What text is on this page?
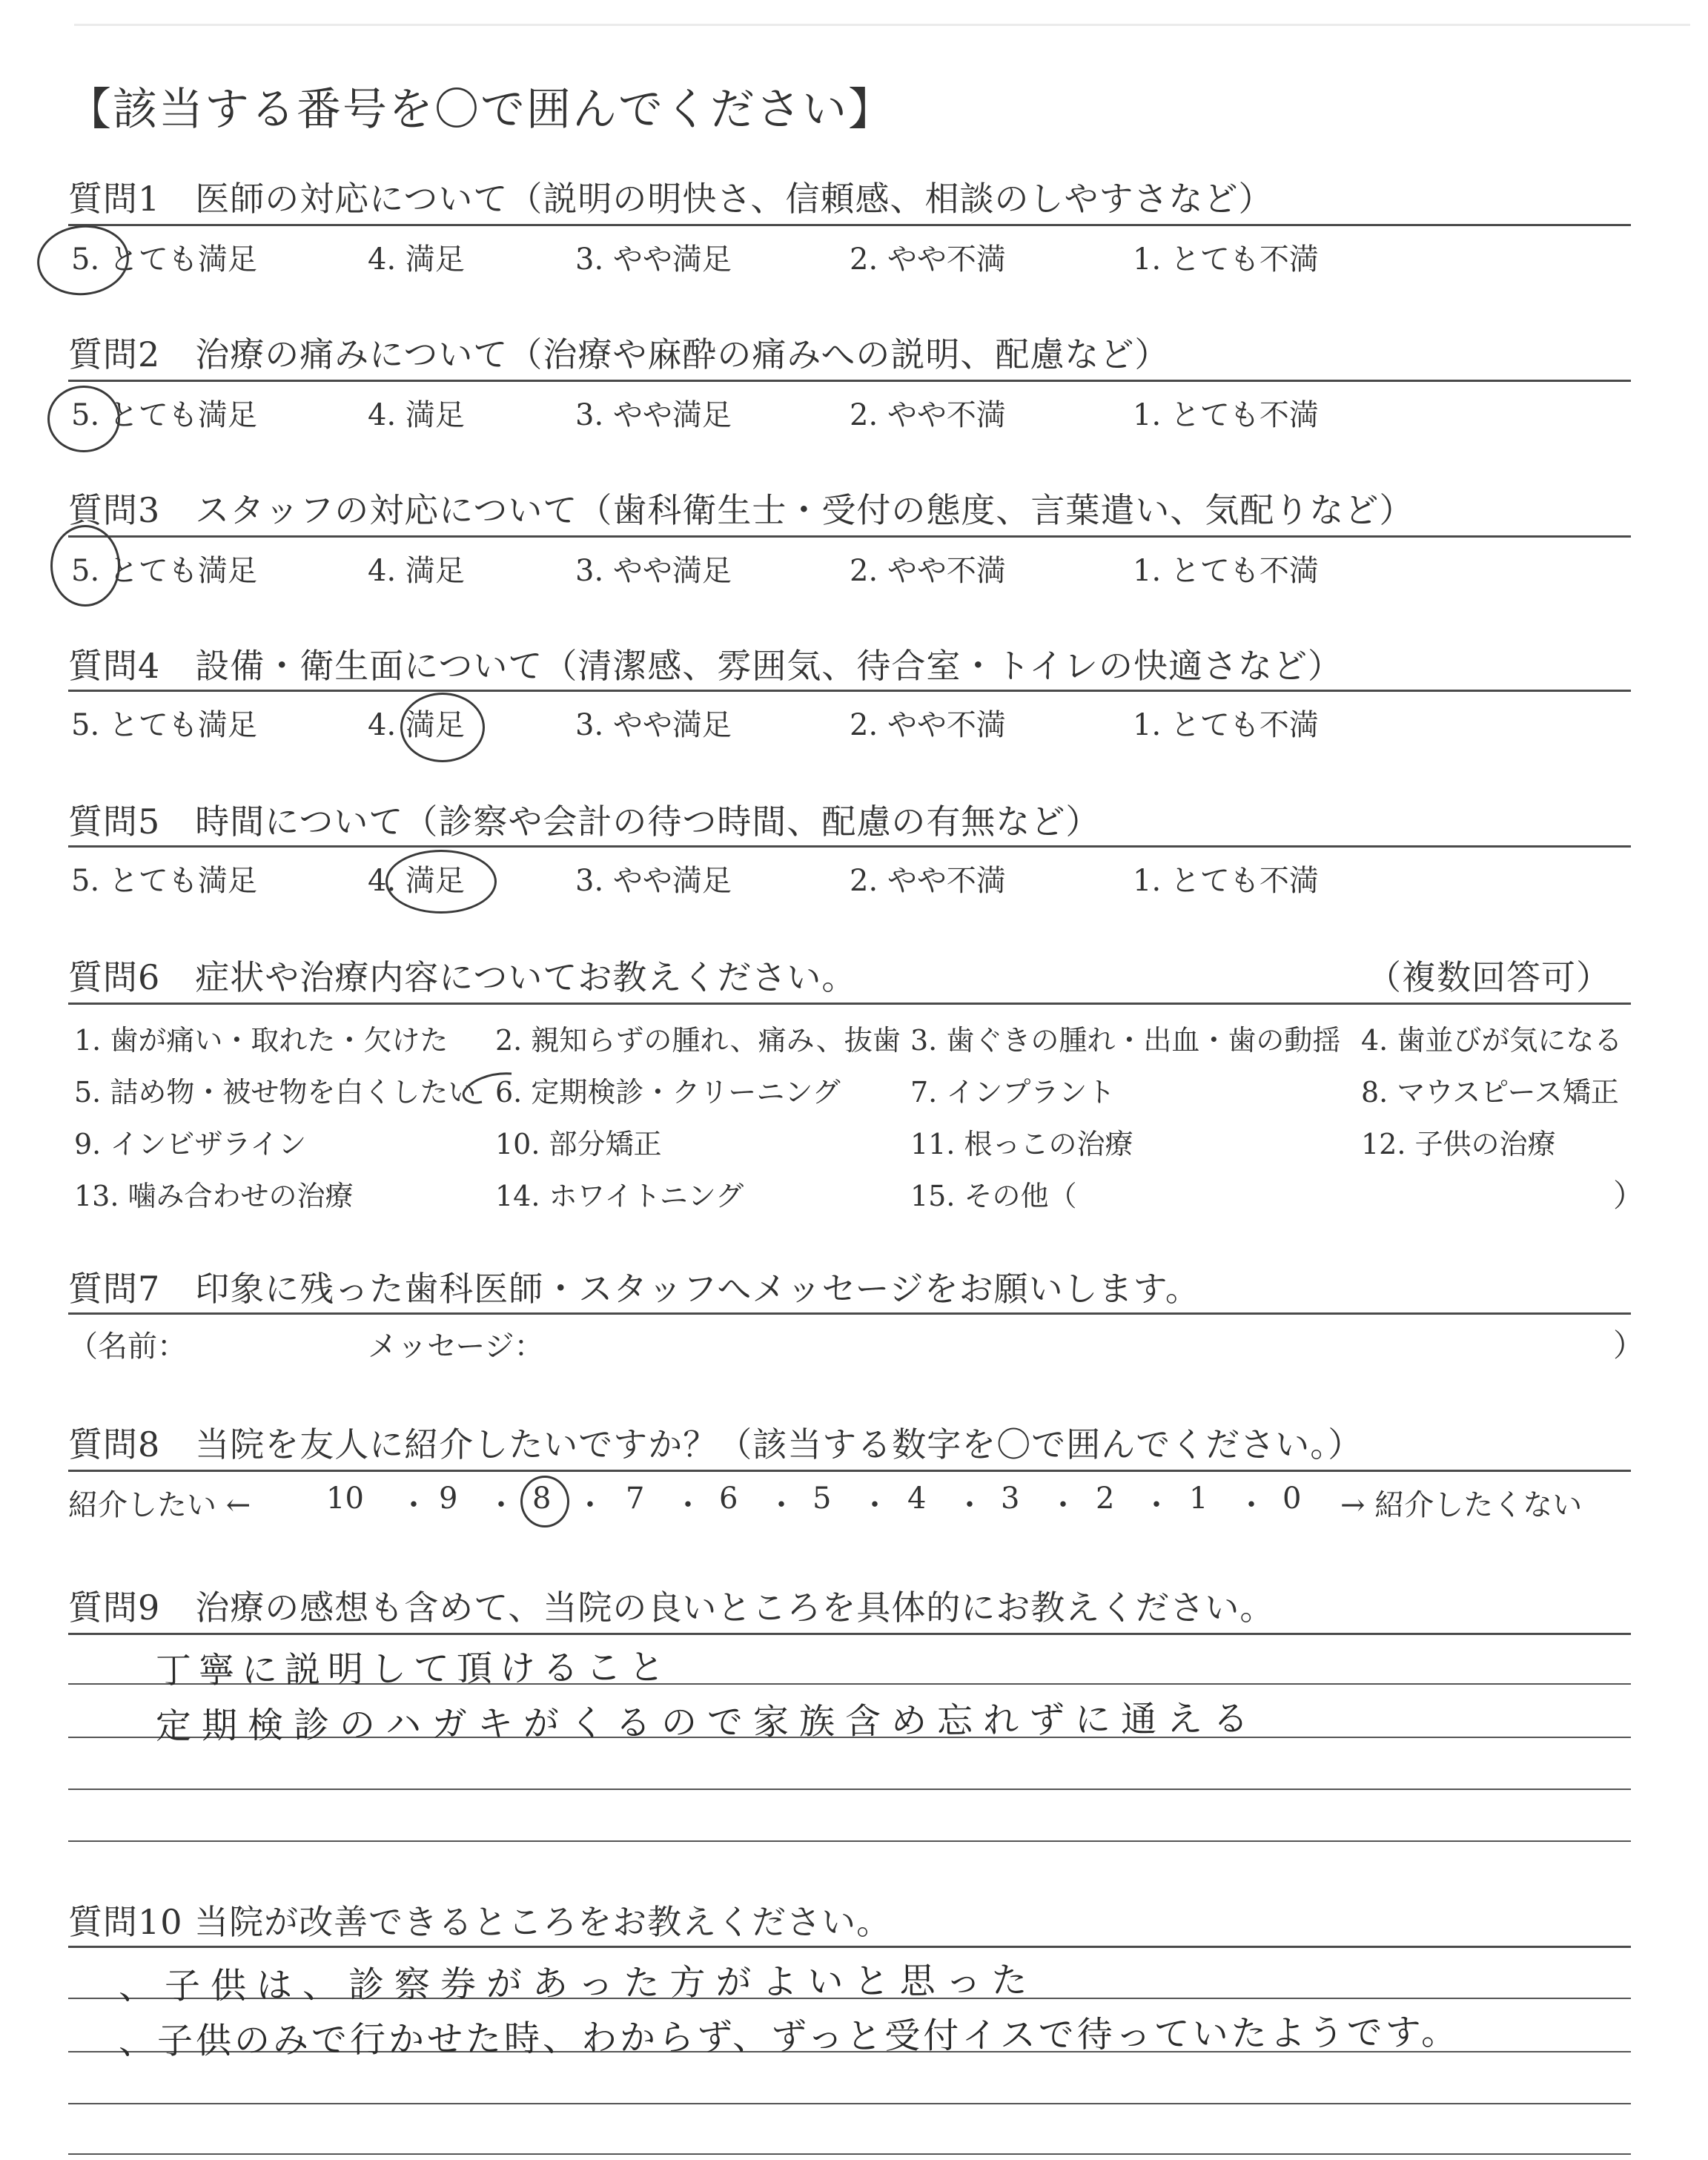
【該当する番号を〇で囲んでください】
質問1　医師の対応について（説明の明快さ、信頼感、相談のしやすさなど）
5. とても満足	4. 満足	3. やや満足	2. やや不満	1. とても不満
質問2　治療の痛みについて（治療や麻酔の痛みへの説明、配慮など）
5. とても満足	4. 満足	3. やや満足	2. やや不満	1. とても不満
質問3　スタッフの対応について（歯科衛生士・受付の態度、言葉遣い、気配りなど）
5. とても満足	4. 満足	3. やや満足	2. やや不満	1. とても不満
質問4　設備・衛生面について（清潔感、雰囲気、待合室・トイレの快適さなど）
5. とても満足	4. 満足	3. やや満足	2. やや不満	1. とても不満
質問5　時間について（診察や会計の待つ時間、配慮の有無など）
5. とても満足	4. 満足	3. やや満足	2. やや不満	1. とても不満
質問6　症状や治療内容についてお教えください。	（複数回答可）
1. 歯が痛い・取れた・欠けた 2. 親知らずの腫れ、痛み、抜歯 3. 歯ぐきの腫れ・出血・歯の動揺 4. 歯並びが気になる
5. 詰め物・被せ物を白くしたい 6. 定期検診・クリーニング 7. インプラント	8. マウスピース矯正
9. インビザライン	10. 部分矯正	11. 根っこの治療	12. 子供の治療
13. 噛み合わせの治療	14. ホワイトニング	15. その他（	）
質問7　印象に残った歯科医師・スタッフへメッセージをお願いします。
（名前：	メッセージ：	）
質問8　当院を友人に紹介したいですか？（該当する数字を〇で囲んでください。）
紹介したい ←	10 ・ 9 ・ 8 ・ 7 ・ 6 ・ 5 ・ 4 ・ 3 ・ 2 ・ 1 ・ 0 → 紹介したくない
質問9　治療の感想も含めて、当院の良いところを具体的にお教えください。
丁寧に説明して頂けること
定期検診のハガキがくるので家族含め忘れずに通える
質問10 当院が改善できるところをお教えください。
、子供は、診察券があった方がよいと思った
、子供のみで行かせた時、わからず、ずっと受付イスで待っていたようです。
